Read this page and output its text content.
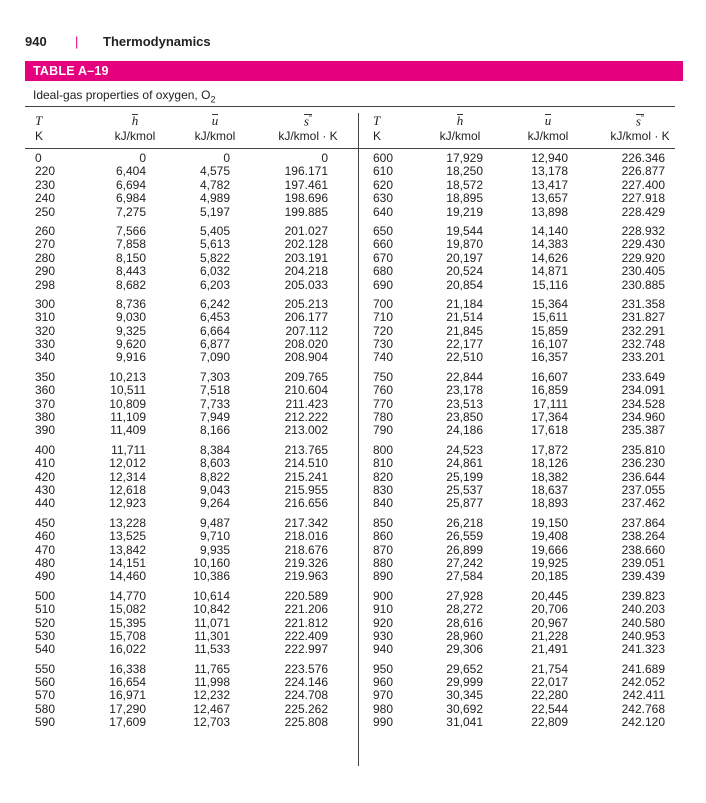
940 | Thermodynamics
TABLE A–19
Ideal-gas properties of oxygen, $O_2$
T
K
h
kJ/kmol
u
kJ/kmol
s°
kJ/kmol · K
T
K
h
kJ/kmol
u
kJ/kmol
s°
kJ/kmol · K
0
220
230
240
250
260
270
280
290
298
300
310
320
330
340
350
360
370
380
390
400
410
420
430
440
450
460
470
480
490
500
510
520
530
540
550
560
570
580
590
0
6,404
6,694
6,984
7,275
7,566
7,858
8,150
8,443
8,682
8,736
9,030
9,325
9,620
9,916
10,213
10,511
10,809
11,109
11,409
11,711
12,012
12,314
12,618
12,923
13,228
13,525
13,842
14,151
14,460
14,770
15,082
15,395
15,708
16,022
16,338
16,654
16,971
17,290
17,609
0
4,575
4,782
4,989
5,197
5,405
5,613
5,822
6,032
6,203
6,242
6,453
6,664
6,877
7,090
7,303
7,518
7,733
7,949
8,166
8,384
8,603
8,822
9,043
9,264
9,487
9,710
9,935
10,160
10,386
10,614
10,842
11,071
11,301
11,533
11,765
11,998
12,232
12,467
12,703
0
196.171
197.461
198.696
199.885
201.027
202.128
203.191
204.218
205.033
205.213
206.177
207.112
208.020
208.904
209.765
210.604
211.423
212.222
213.002
213.765
214.510
215.241
215.955
216.656
217.342
218.016
218.676
219.326
219.963
220.589
221.206
221.812
222.409
222.997
223.576
224.146
224.708
225.262
225.808
600
610
620
630
640
650
660
670
680
690
700
710
720
730
740
750
760
770
780
790
800
810
820
830
840
850
860
870
880
890
900
910
920
930
940
950
960
970
980
990
17,929
18,250
18,572
18,895
19,219
19,544
19,870
20,197
20,524
20,854
21,184
21,514
21,845
22,177
22,510
22,844
23,178
23,513
23,850
24,186
24,523
24,861
25,199
25,537
25,877
26,218
26,559
26,899
27,242
27,584
27,928
28,272
28,616
28,960
29,306
29,652
29,999
30,345
30,692
31,041
12,940
13,178
13,417
13,657
13,898
14,140
14,383
14,626
14,871
15,116
15,364
15,611
15,859
16,107
16,357
16,607
16,859
17,111
17,364
17,618
17,872
18,126
18,382
18,637
18,893
19,150
19,408
19,666
19,925
20,185
20,445
20,706
20,967
21,228
21,491
21,754
22,017
22,280
22,544
22,809
226.346
226.877
227.400
227.918
228.429
228.932
229.430
229.920
230.405
230.885
231.358
231.827
232.291
232.748
233.201
233.649
234.091
234.528
234.960
235.387
235.810
236.230
236.644
237.055
237.462
237.864
238.264
238.660
239.051
239.439
239.823
240.203
240.580
240.953
241.323
241.689
242.052
242.411
242.768
242.120
